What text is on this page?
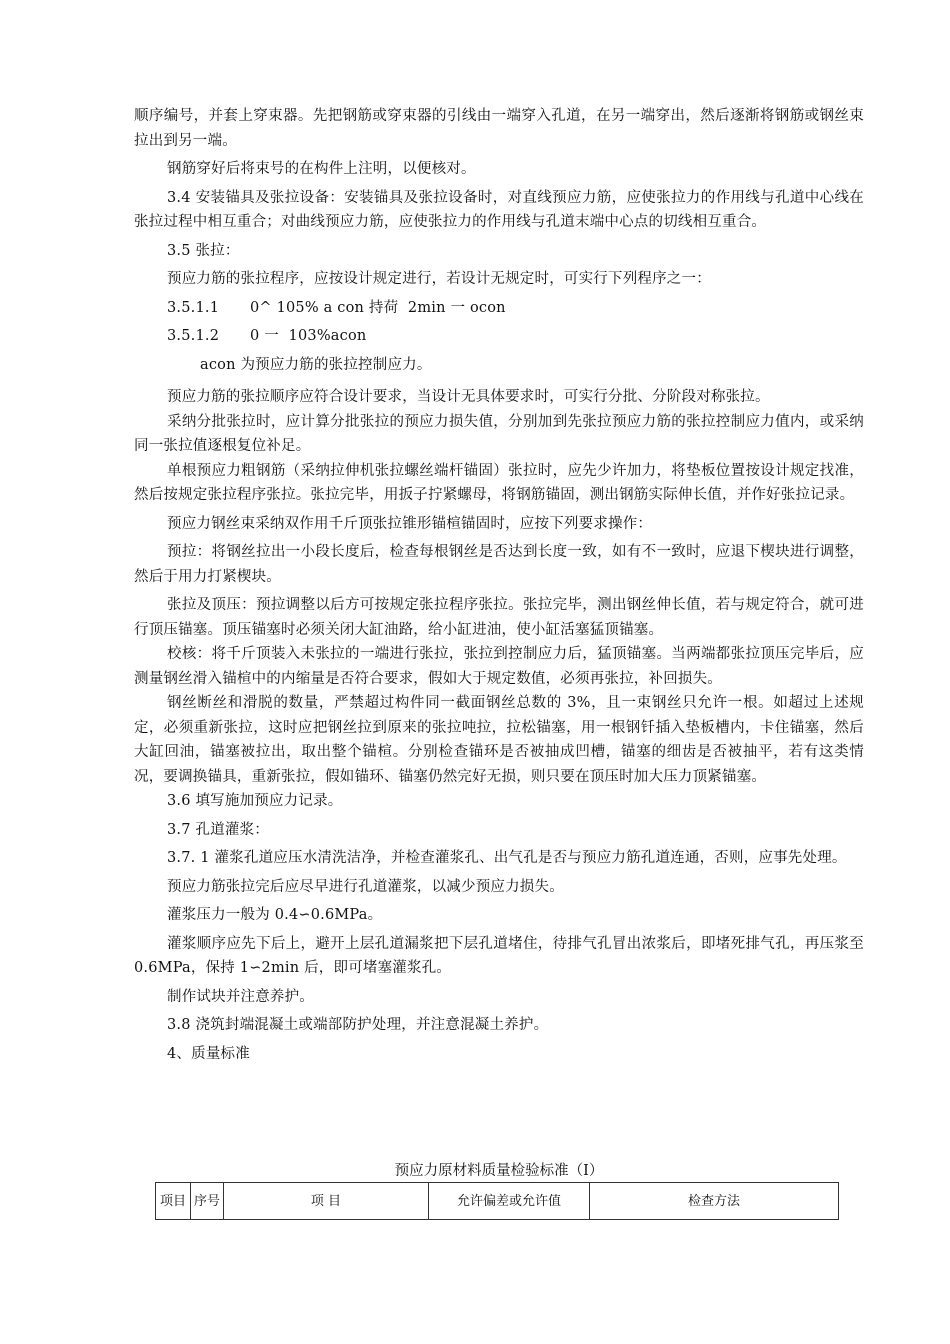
顺序编号，并套上穿束器。先把钢筋或穿束器的引线由一端穿入孔道，在另一端穿出，然后逐渐将钢筋或钢丝束拉出到另一端。

钢筋穿好后将束号的在构件上注明，以便核对。

3.4 安装锚具及张拉设备：安装锚具及张拉设备时，对直线预应力筋，应使张拉力的作用线与孔道中心线在张拉过程中相互重合；对曲线预应力筋，应使张拉力的作用线与孔道末端中心点的切线相互重合。

3.5 张拉：

预应力筋的张拉程序，应按设计规定进行，若设计无规定时，可实行下列程序之一：

3.5.1.1 0^ 105% a con 持荷  2min 一 ocon

3.5.1.2 0 一  103%acon

acon 为预应力筋的张拉控制应力。

预应力筋的张拉顺序应符合设计要求，当设计无具体要求时，可实行分批、分阶段对称张拉。

采纳分批张拉时，应计算分批张拉的预应力损失值，分别加到先张拉预应力筋的张拉控制应力值内，或采纳同一张拉值逐根复位补足。

单根预应力粗钢筋（采纳拉伸机张拉螺丝端杆锚固）张拉时，应先少许加力，将垫板位置按设计规定找准，然后按规定张拉程序张拉。张拉完毕，用扳子拧紧螺母，将钢筋锚固，测出钢筋实际伸长值，并作好张拉记录。

预应力钢丝束采纳双作用千斤顶张拉锥形锚楦锚固时，应按下列要求操作：

预拉：将钢丝拉出一小段长度后，检查每根钢丝是否达到长度一致，如有不一致时，应退下楔块进行调整，然后于用力打紧楔块。

张拉及顶压：预拉调整以后方可按规定张拉程序张拉。张拉完毕，测出钢丝伸长值，若与规定符合，就可进行顶压锚塞。顶压锚塞时必须关闭大缸油路，给小缸进油，使小缸活塞猛顶锚塞。

校核：将千斤顶装入未张拉的一端进行张拉，张拉到控制应力后，猛顶锚塞。当两端都张拉顶压完毕后，应测量钢丝滑入锚楦中的内缩量是否符合要求，假如大于规定数值，必须再张拉，补回损失。

钢丝断丝和滑脱的数量，严禁超过构件同一截面钢丝总数的 3%，且一束钢丝只允许一根。如超过上述规定，必须重新张拉，这时应把钢丝拉到原来的张拉吨拉，拉松锚塞，用一根钢钎插入垫板槽内，卡住锚塞，然后大缸回油，锚塞被拉出，取出整个锚楦。分别检查锚环是否被抽成凹槽，锚塞的细齿是否被抽平，若有这类情况，要调换锚具，重新张拉，假如锚环、锚塞仍然完好无损，则只要在顶压时加大压力顶紧锚塞。

3.6 填写施加预应力记录。

3.7 孔道灌浆：

3.7. 1 灌浆孔道应压水清洗洁净，并检查灌浆孔、出气孔是否与预应力筋孔道连通，否则，应事先处理。

预应力筋张拉完后应尽早进行孔道灌浆，以减少预应力损失。

灌浆压力一般为 0.4∽0.6MPa。

灌浆顺序应先下后上，避开上层孔道漏浆把下层孔道堵住，待排气孔冒出浓浆后，即堵死排气孔，再压浆至 0.6MPa，保持 1∽2min 后，即可堵塞灌浆孔。

制作试块并注意养护。

3.8 浇筑封端混凝土或端部防护处理，并注意混凝土养护。

4、质量标准

预应力原材料质量检验标准（I）
项目	序号	项 目	允许偏差或允许值	检查方法
